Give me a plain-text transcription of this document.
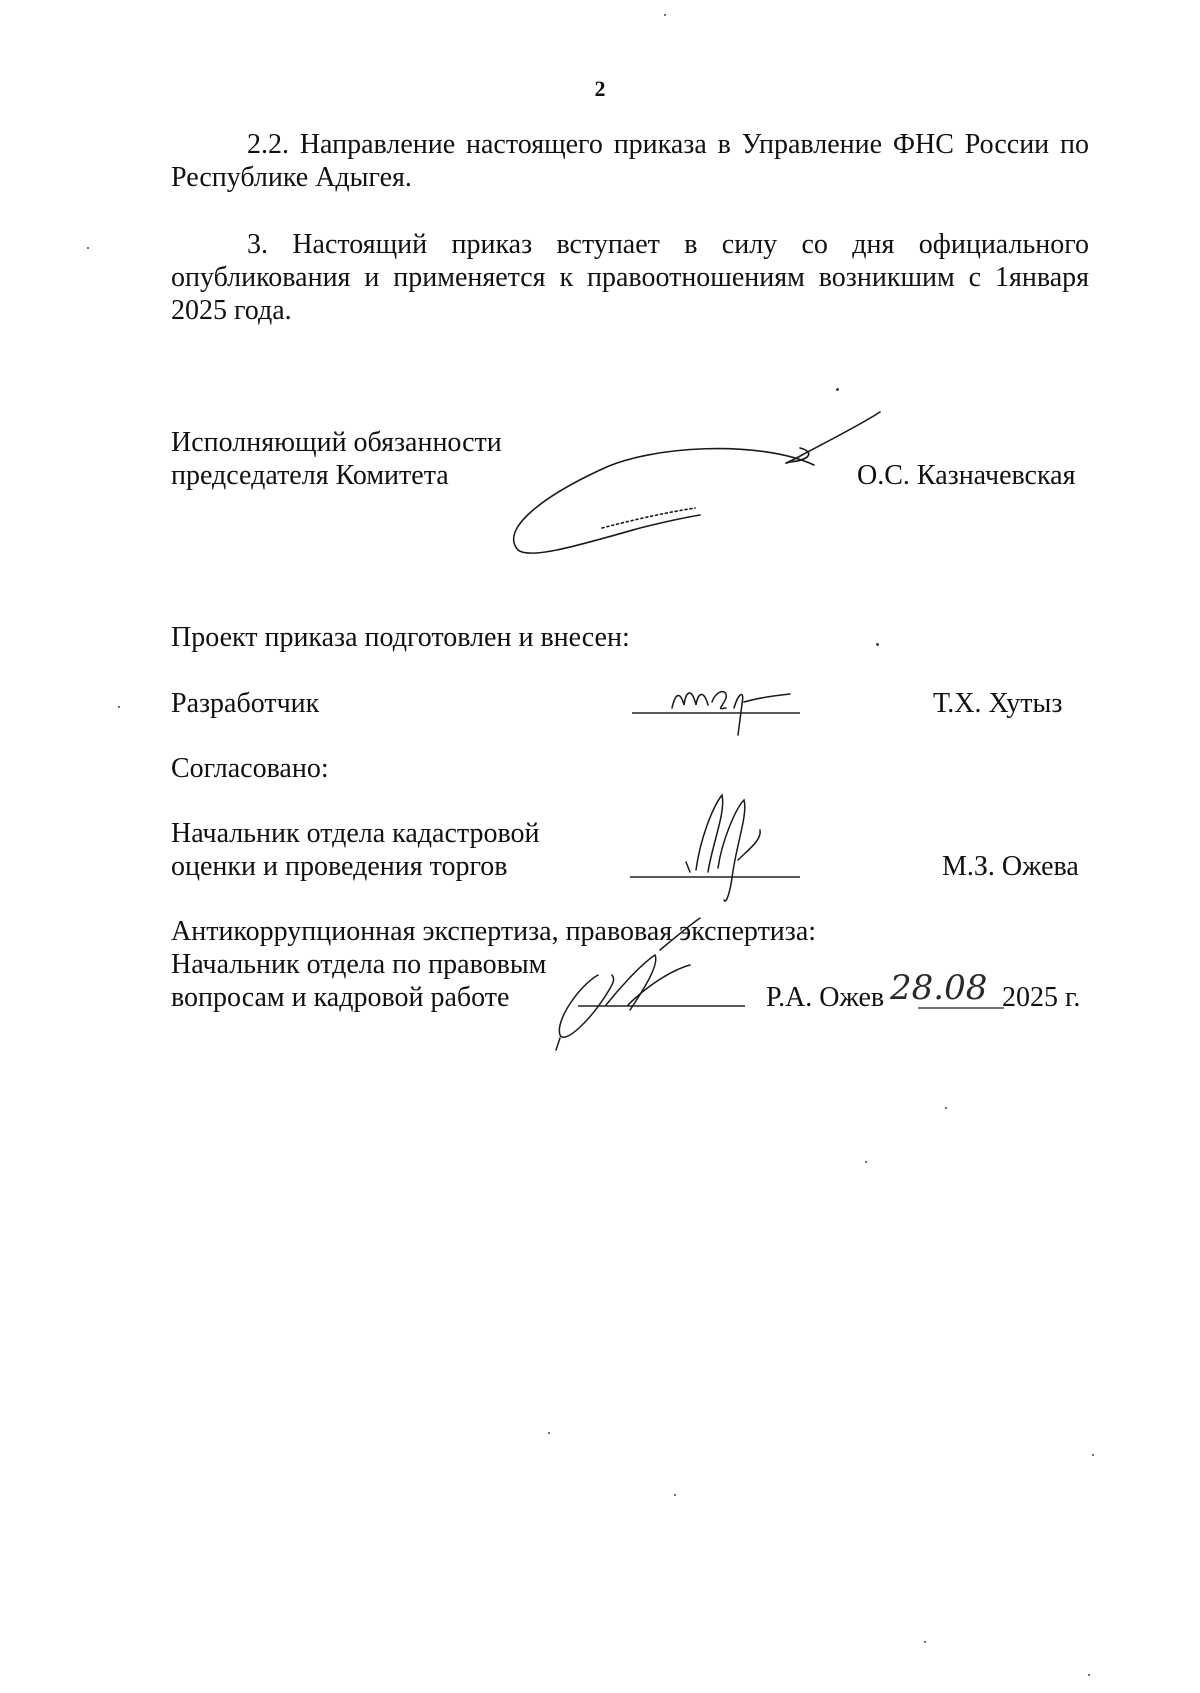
2
2.2. Направление настоящего приказа в Управление ФНС России по Республике Адыгея.
3. Настоящий приказ вступает в силу со дня официального опубликования и применяется к правоотношениям возникшим с 1января 2025 года.
Исполняющий обязанности
председателя Комитета	О.С. Казначевская
Проект приказа подготовлен и внесен:
Разработчик	Т.Х. Хутыз
Согласовано:
Начальник отдела кадастровой
оценки и проведения торгов	М.З. Ожева
Антикоррупционная экспертиза, правовая экспертиза:
Начальник отдела по правовым
вопросам и кадровой работе	Р.А. Ожев 28.08 2025 г.
